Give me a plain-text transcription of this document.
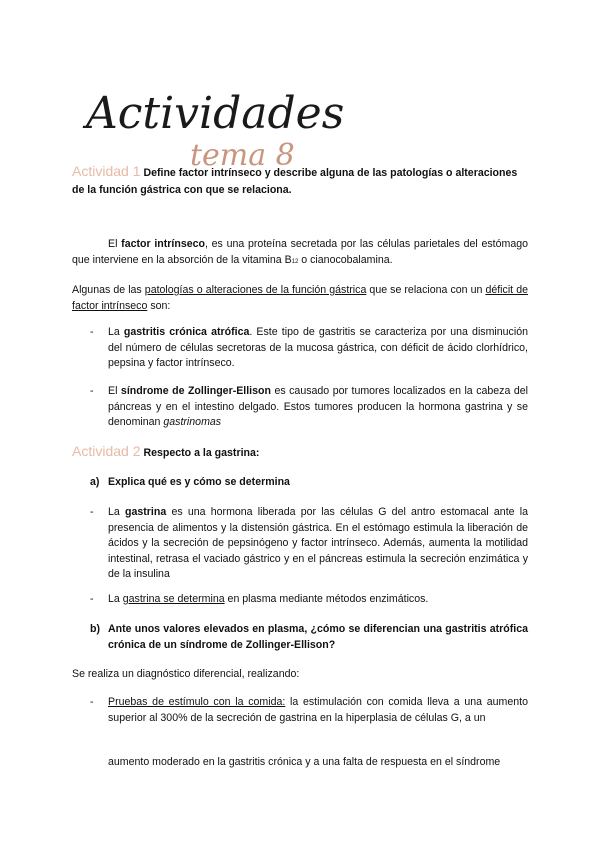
Actividades
tema 8
Actividad 1 Define factor intrínseco y describe alguna de las patologías o alteraciones de la función gástrica con que se relaciona.
El factor intrínseco, es una proteína secretada por las células parietales del estómago que interviene en la absorción de la vitamina B12 o cianocobalamina.
Algunas de las patologías o alteraciones de la función gástrica que se relaciona con un déficit de factor intrínseco son:
- La gastritis crónica atrófica. Este tipo de gastritis se caracteriza por una disminución del número de células secretoras de la mucosa gástrica, con déficit de ácido clorhídrico, pepsina y factor intrínseco.
- El síndrome de Zollinger-Ellison es causado por tumores localizados en la cabeza del páncreas y en el intestino delgado. Estos tumores producen la hormona gastrina y se denominan gastrinomas
Actividad 2 Respecto a la gastrina:
a) Explica qué es y cómo se determina
- La gastrina es una hormona liberada por las células G del antro estomacal ante la presencia de alimentos y la distensión gástrica. En el estómago estimula la liberación de ácidos y la secreción de pepsinógeno y factor intrínseco. Además, aumenta la motilidad intestinal, retrasa el vaciado gástrico y en el páncreas estimula la secreción enzimática y de la insulina
- La gastrina se determina en plasma mediante métodos enzimáticos.
b) Ante unos valores elevados en plasma, ¿cómo se diferencian una gastritis atrófica crónica de un síndrome de Zollinger-Ellison?
Se realiza un diagnóstico diferencial, realizando:
- Pruebas de estímulo con la comida: la estimulación con comida lleva a una aumento superior al 300% de la secreción de gastrina en la hiperplasia de células G, a un
aumento moderado en la gastritis crónica y a una falta de respuesta en el síndrome
